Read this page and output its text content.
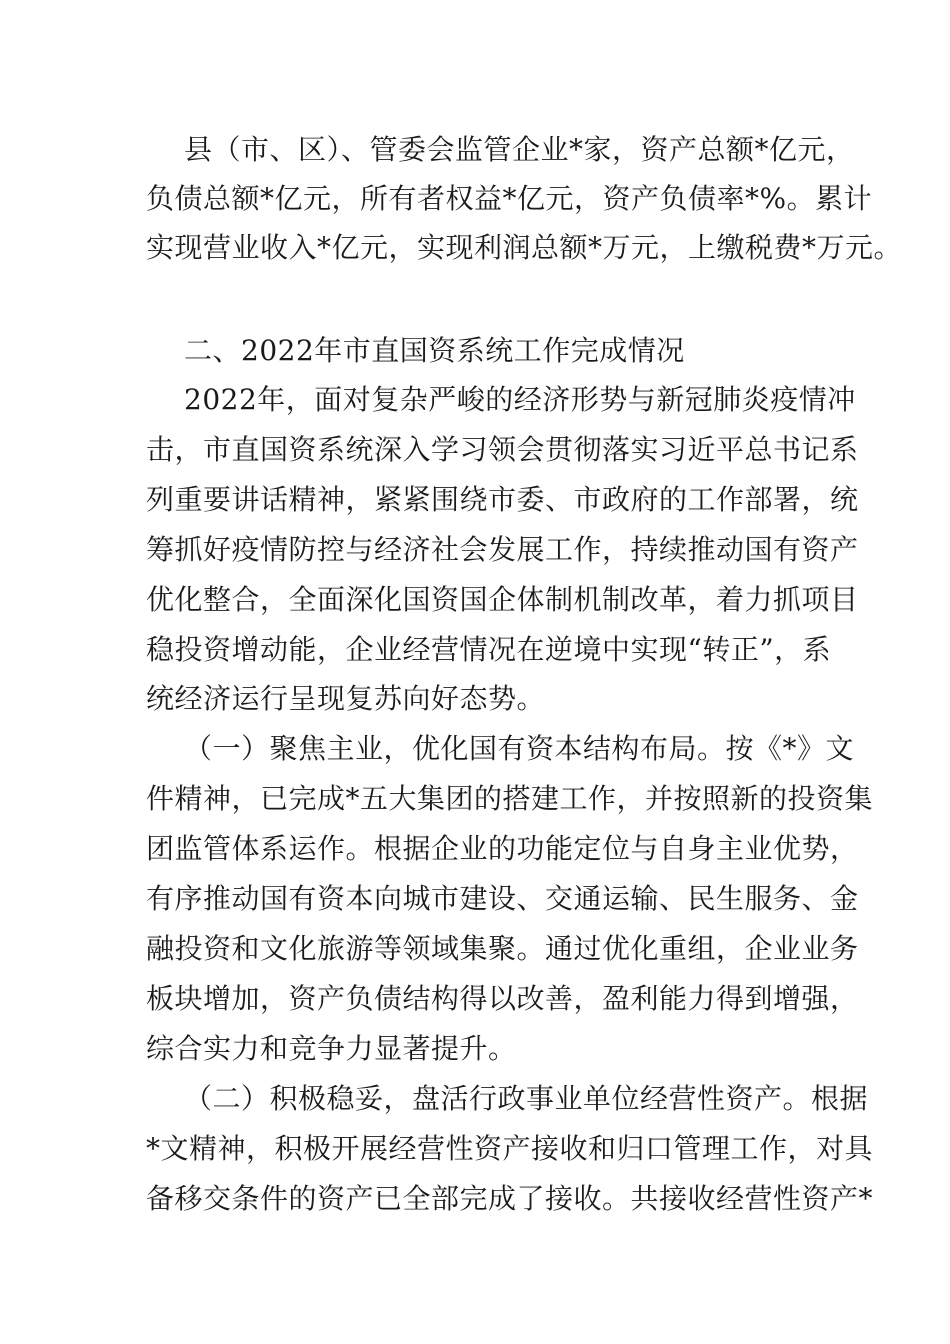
县（市、区）、管委会监管企业*家，资产总额*亿元，
负债总额*亿元，所有者权益*亿元，资产负债率*%。累计
实现营业收入*亿元，实现利润总额*万元，上缴税费*万元。
二、2022年市直国资系统工作完成情况
2022年，面对复杂严峻的经济形势与新冠肺炎疫情冲
击，市直国资系统深入学习领会贯彻落实习近平总书记系
列重要讲话精神，紧紧围绕市委、市政府的工作部署，统
筹抓好疫情防控与经济社会发展工作，持续推动国有资产
优化整合，全面深化国资国企体制机制改革，着力抓项目
稳投资增动能，企业经营情况在逆境中实现“转正”，系
统经济运行呈现复苏向好态势。
（一）聚焦主业，优化国有资本结构布局。按《*》文
件精神，已完成*五大集团的搭建工作，并按照新的投资集
团监管体系运作。根据企业的功能定位与自身主业优势，
有序推动国有资本向城市建设、交通运输、民生服务、金
融投资和文化旅游等领域集聚。通过优化重组，企业业务
板块增加，资产负债结构得以改善，盈利能力得到增强，
综合实力和竞争力显著提升。
（二）积极稳妥，盘活行政事业单位经营性资产。根据
*文精神，积极开展经营性资产接收和归口管理工作，对具
备移交条件的资产已全部完成了接收。共接收经营性资产*
